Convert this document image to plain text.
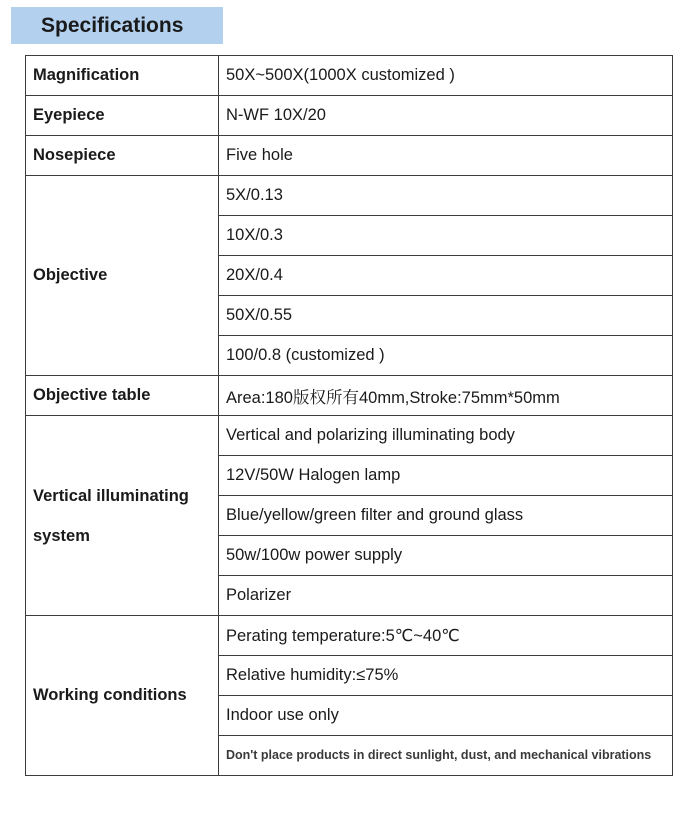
Specifications
Magnification	50X~500X(1000X customized )
Eyepiece	N-WF 10X/20
Nosepiece	Five hole
Objective	5X/0.13
	10X/0.3
	20X/0.4
	50X/0.55
	100/0.8 (customized )
Objective table	Area:180版权所有40mm,Stroke:75mm*50mm
Vertical illuminating
system	Vertical and polarizing illuminating body
	12V/50W Halogen lamp
	Blue/yellow/green filter and ground glass
	50w/100w power supply
	Polarizer
Working conditions	Perating temperature:5℃~40℃
	Relative humidity:≤75%
	Indoor use only
	Don't place products in direct sunlight, dust, and mechanical vibrations
